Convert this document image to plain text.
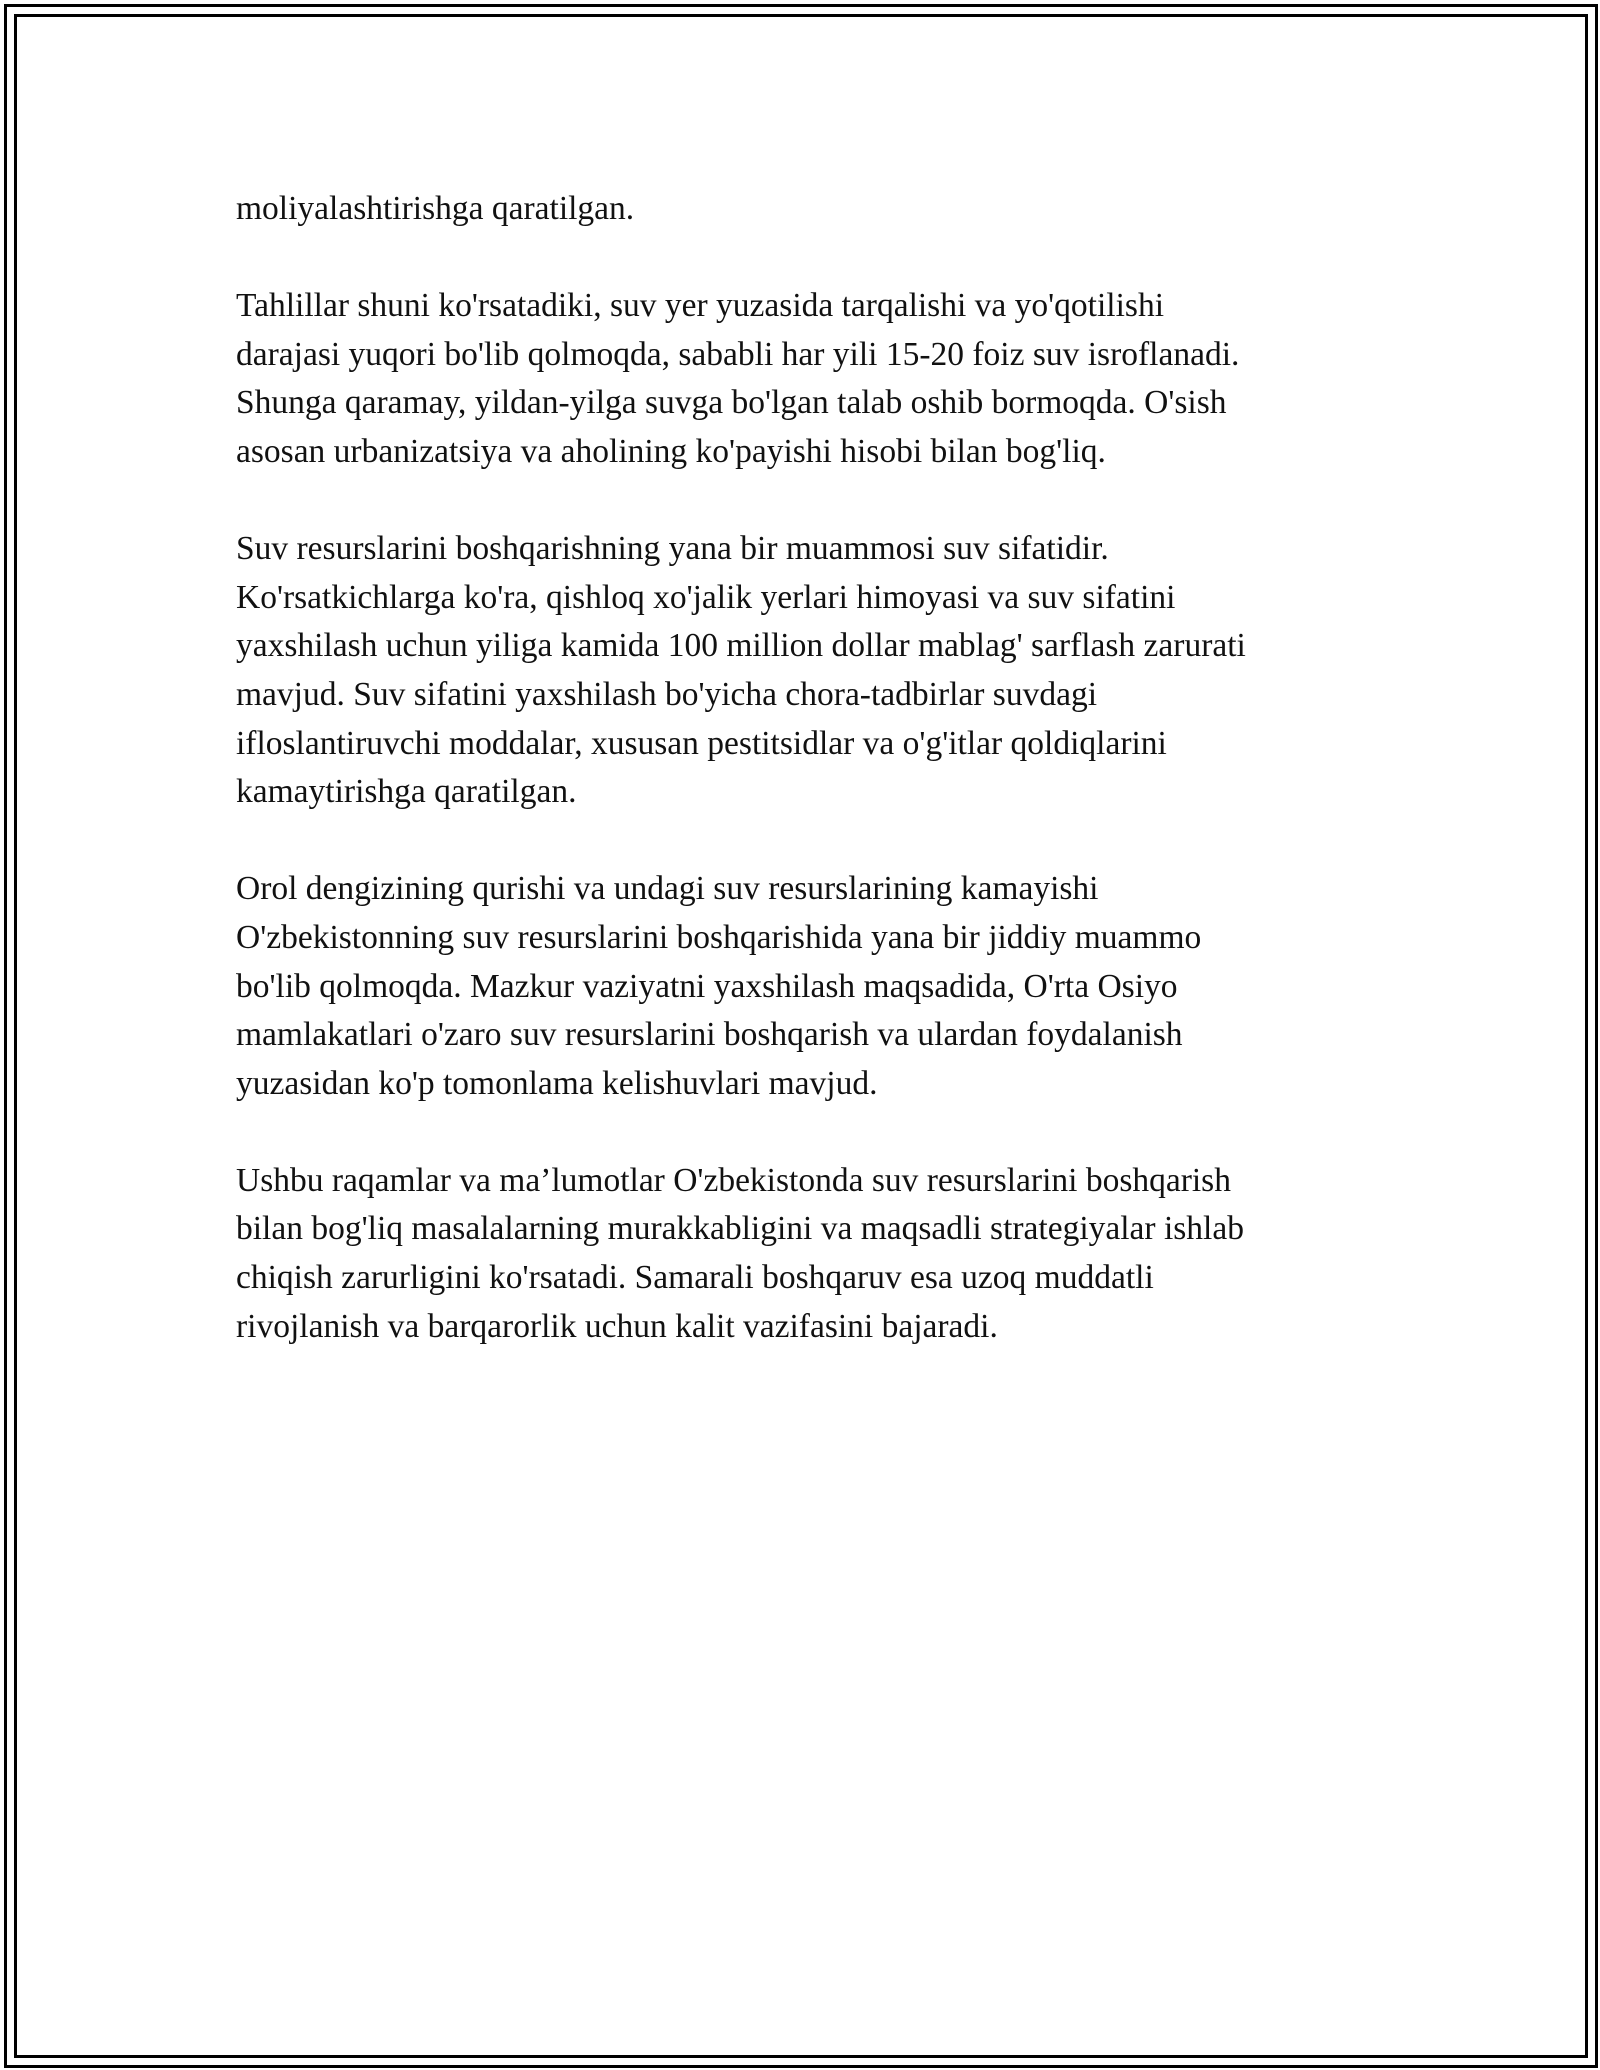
moliyalashtirishga qaratilgan.

Tahlillar shuni ko'rsatadiki, suv yer yuzasida tarqalishi va yo'qotilishi
darajasi yuqori bo'lib qolmoqda, sababli har yili 15-20 foiz suv isroflanadi.
Shunga qaramay, yildan-yilga suvga bo'lgan talab oshib bormoqda. O'sish
asosan urbanizatsiya va aholining ko'payishi hisobi bilan bog'liq.

Suv resurslarini boshqarishning yana bir muammosi suv sifatidir.
Ko'rsatkichlarga ko'ra, qishloq xo'jalik yerlari himoyasi va suv sifatini
yaxshilash uchun yiliga kamida 100 million dollar mablag' sarflash zarurati
mavjud. Suv sifatini yaxshilash bo'yicha chora-tadbirlar suvdagi
ifloslantiruvchi moddalar, xususan pestitsidlar va o'g'itlar qoldiqlarini
kamaytirishga qaratilgan.

Orol dengizining qurishi va undagi suv resurslarining kamayishi
O'zbekistonning suv resurslarini boshqarishida yana bir jiddiy muammo
bo'lib qolmoqda. Mazkur vaziyatni yaxshilash maqsadida, O'rta Osiyo
mamlakatlari o'zaro suv resurslarini boshqarish va ulardan foydalanish
yuzasidan ko'p tomonlama kelishuvlari mavjud.

Ushbu raqamlar va ma’lumotlar O'zbekistonda suv resurslarini boshqarish
bilan bog'liq masalalarning murakkabligini va maqsadli strategiyalar ishlab
chiqish zarurligini ko'rsatadi. Samarali boshqaruv esa uzoq muddatli
rivojlanish va barqarorlik uchun kalit vazifasini bajaradi.
